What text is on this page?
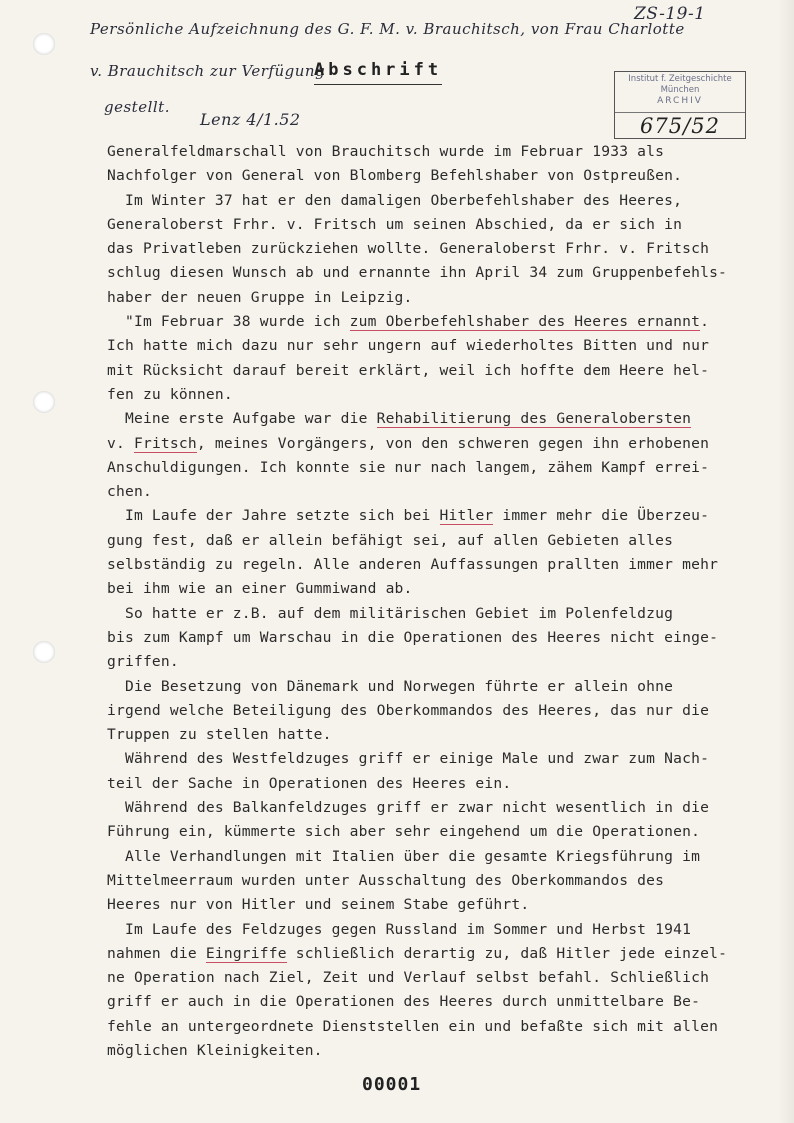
ZS-19-1
Persönliche Aufzeichnung des G. F. M. v. Brauchitsch, von Frau Charlotte
v. Brauchitsch zur Verfügung
gestellt.
Lenz 4/1.52
Abschrift	Institut f. Zeitgeschichte
München
ARCHIV
675/52
Generalfeldmarschall von Brauchitsch wurde im Februar 1933 als
Nachfolger von General von Blomberg Befehlshaber von Ostpreußen.
Im Winter 37 hat er den damaligen Oberbefehlshaber des Heeres,
Generaloberst Frhr. v. Fritsch um seinen Abschied, da er sich in
das Privatleben zurückziehen wollte. Generaloberst Frhr. v. Fritsch
schlug diesen Wunsch ab und ernannte ihn April 34 zum Gruppenbefehls-
haber der neuen Gruppe in Leipzig.
"Im Februar 38 wurde ich zum Oberbefehlshaber des Heeres ernannt.
Ich hatte mich dazu nur sehr ungern auf wiederholtes Bitten und nur
mit Rücksicht darauf bereit erklärt, weil ich hoffte dem Heere hel-
fen zu können.
Meine erste Aufgabe war die Rehabilitierung des Generalobersten
v. Fritsch, meines Vorgängers, von den schweren gegen ihn erhobenen
Anschuldigungen. Ich konnte sie nur nach langem, zähem Kampf errei-
chen.
Im Laufe der Jahre setzte sich bei Hitler immer mehr die Überzeu-
gung fest, daß er allein befähigt sei, auf allen Gebieten alles
selbständig zu regeln. Alle anderen Auffassungen prallten immer mehr
bei ihm wie an einer Gummiwand ab.
So hatte er z.B. auf dem militärischen Gebiet im Polenfeldzug
bis zum Kampf um Warschau in die Operationen des Heeres nicht einge-
griffen.
Die Besetzung von Dänemark und Norwegen führte er allein ohne
irgend welche Beteiligung des Oberkommandos des Heeres, das nur die
Truppen zu stellen hatte.
Während des Westfeldzuges griff er einige Male und zwar zum Nach-
teil der Sache in Operationen des Heeres ein.
Während des Balkanfeldzuges griff er zwar nicht wesentlich in die
Führung ein, kümmerte sich aber sehr eingehend um die Operationen.
Alle Verhandlungen mit Italien über die gesamte Kriegsführung im
Mittelmeerraum wurden unter Ausschaltung des Oberkommandos des
Heeres nur von Hitler und seinem Stabe geführt.
Im Laufe des Feldzuges gegen Russland im Sommer und Herbst 1941
nahmen die Eingriffe schließlich derartig zu, daß Hitler jede einzel-
ne Operation nach Ziel, Zeit und Verlauf selbst befahl. Schließlich
griff er auch in die Operationen des Heeres durch unmittelbare Be-
fehle an untergeordnete Dienststellen ein und befaßte sich mit allen
möglichen Kleinigkeiten.
00001
